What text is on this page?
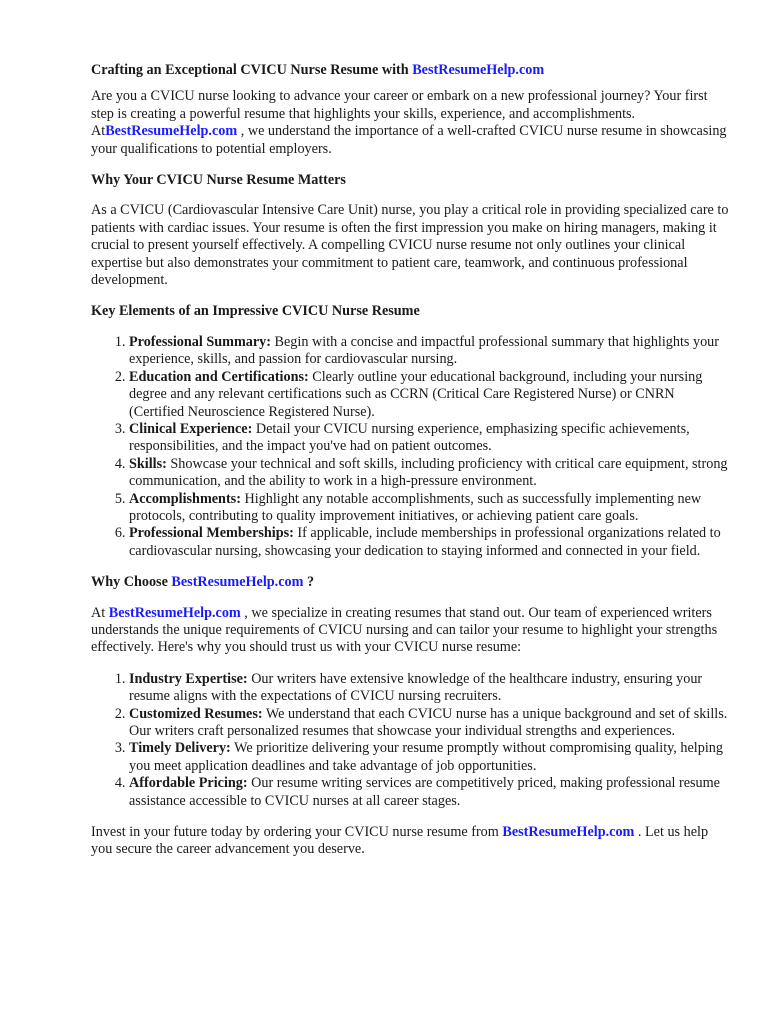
Crafting an Exceptional CVICU Nurse Resume with BestResumeHelp.com

Are you a CVICU nurse looking to advance your career or embark on a new professional journey? Your first step is creating a powerful resume that highlights your skills, experience, and accomplishments. AtBestResumeHelp.com , we understand the importance of a well-crafted CVICU nurse resume in showcasing your qualifications to potential employers.

Why Your CVICU Nurse Resume Matters

As a CVICU (Cardiovascular Intensive Care Unit) nurse, you play a critical role in providing specialized care to patients with cardiac issues. Your resume is often the first impression you make on hiring managers, making it crucial to present yourself effectively. A compelling CVICU nurse resume not only outlines your clinical expertise but also demonstrates your commitment to patient care, teamwork, and continuous professional development.

Key Elements of an Impressive CVICU Nurse Resume

1. Professional Summary: Begin with a concise and impactful professional summary that highlights your experience, skills, and passion for cardiovascular nursing.
2. Education and Certifications: Clearly outline your educational background, including your nursing degree and any relevant certifications such as CCRN (Critical Care Registered Nurse) or CNRN (Certified Neuroscience Registered Nurse).
3. Clinical Experience: Detail your CVICU nursing experience, emphasizing specific achievements, responsibilities, and the impact you've had on patient outcomes.
4. Skills: Showcase your technical and soft skills, including proficiency with critical care equipment, strong communication, and the ability to work in a high-pressure environment.
5. Accomplishments: Highlight any notable accomplishments, such as successfully implementing new protocols, contributing to quality improvement initiatives, or achieving patient care goals.
6. Professional Memberships: If applicable, include memberships in professional organizations related to cardiovascular nursing, showcasing your dedication to staying informed and connected in your field.

Why Choose BestResumeHelp.com ?

At BestResumeHelp.com , we specialize in creating resumes that stand out. Our team of experienced writers understands the unique requirements of CVICU nursing and can tailor your resume to highlight your strengths effectively. Here's why you should trust us with your CVICU nurse resume:

1. Industry Expertise: Our writers have extensive knowledge of the healthcare industry, ensuring your resume aligns with the expectations of CVICU nursing recruiters.
2. Customized Resumes: We understand that each CVICU nurse has a unique background and set of skills. Our writers craft personalized resumes that showcase your individual strengths and experiences.
3. Timely Delivery: We prioritize delivering your resume promptly without compromising quality, helping you meet application deadlines and take advantage of job opportunities.
4. Affordable Pricing: Our resume writing services are competitively priced, making professional resume assistance accessible to CVICU nurses at all career stages.

Invest in your future today by ordering your CVICU nurse resume from BestResumeHelp.com . Let us help you secure the career advancement you deserve.
